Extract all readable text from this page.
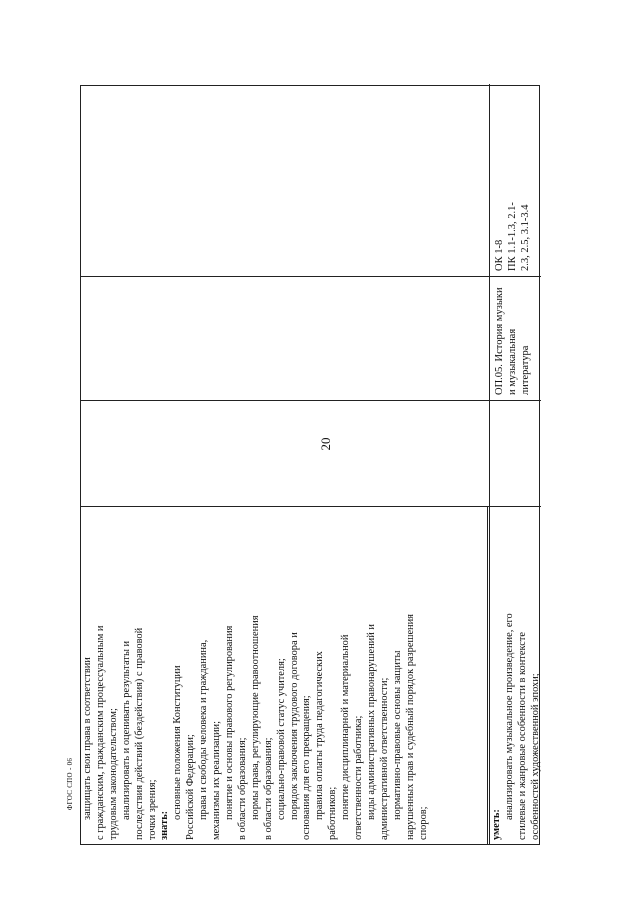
20
ФГОС СПО - 06 защищать свои права в соответствии с гражданским, гражданским процессуальным и трудовым законодательством; анализировать и оценивать результаты и последствия действий (бездействия) с правовой точки зрения; знать:
основные положения Конституции Российской Федерации; права и свободы человека и гражданина, механизмы их реализации; понятие и основы правового регулирования в области образования; нормы права, регулирующие правоотношения в области образования; социально-правовой статус учителя; порядок заключения трудового договора и основания для его прекращения; правила оплаты труда педагогических работников; понятие дисциплинарной и материальной ответственности работника; виды административных правонарушений и административной ответственности; нормативно-правовые основы защиты нарушенных прав и судебный порядок разрешения споров;	уметь:
анализировать музыкальное произведение, его стилевые и жанровые особенности в контексте особенностей художественной эпохи;
ОП.05. История музыки и музыкальная литература
ОК 1-8 ПК 1.1-1.3, 2.1- 2.3, 2.5, 3.1-3.4
